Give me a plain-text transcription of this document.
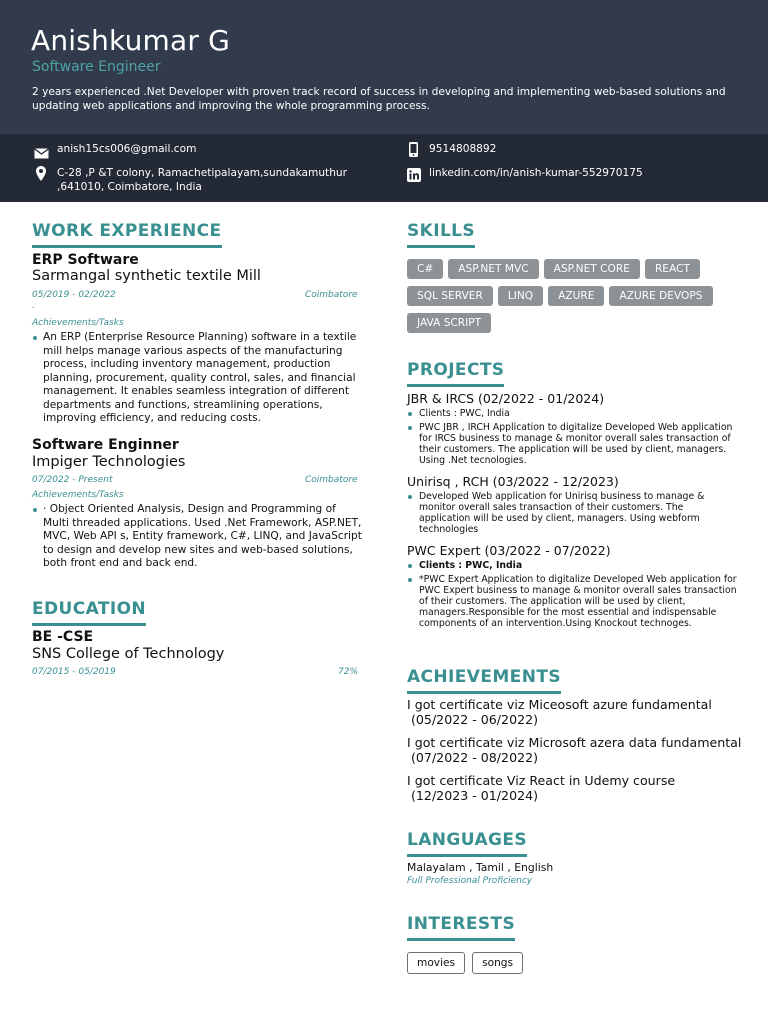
Anishkumar G
Software Engineer
2 years experienced .Net Developer with proven track record of success in developing and implementing web-based solutions and updating web applications and improving the whole programming process.
anish15cs006@gmail.com	9514808892
C-28 ,P &T colony, Ramachetipalayam,sundakamuthur ,641010, Coimbatore, India
linkedin.com/in/anish-kumar-552970175
WORK EXPERIENCE
ERP Software
Sarmangal synthetic textile Mill
05/2019 - 02/2022	Coimbatore
.
Achievements/Tasks
An ERP (Enterprise Resource Planning) software in a textile mill helps manage various aspects of the manufacturing process, including inventory management, production planning, procurement, quality control, sales, and financial management. It enables seamless integration of different departments and functions, streamlining operations, improving efficiency, and reducing costs.
Software Enginner
Impiger Technologies
07/2022 - Present	Coimbatore
Achievements/Tasks
· Object Oriented Analysis, Design and Programming of Multi threaded applications. Used .Net Framework, ASP.NET, MVC, Web API s, Entity framework, C#, LINQ, and JavaScript to design and develop new sites and web-based solutions, both front end and back end.
EDUCATION
BE -CSE
SNS College of Technology
07/2015 - 05/2019	72%
SKILLS
C# ASP.NET MVC ASP.NET CORE REACTSQL SERVER LINQ AZURE AZURE DEVOPSJAVA SCRIPT
PROJECTS
JBR & IRCS (02/2022 - 01/2024)
Clients : PWC, India
PWC JBR , IRCH Application to digitalize Developed Web application for IRCS business to manage & monitor overall sales transaction of their customers. The application will be used by client, managers. Using .Net tecnologies.
Unirisq , RCH (03/2022 - 12/2023)
Developed Web application for Unirisq business to manage & monitor overall sales transaction of their customers. The application will be used by client, managers. Using webform technologies
PWC Expert (03/2022 - 07/2022)
Clients : PWC, India
*PWC Expert Application to digitalize Developed Web application for PWC Expert business to manage & monitor overall sales transaction of their customers. The application will be used by client, managers.Responsible for the most essential and indispensable components of an intervention.Using Knockout technoges.
ACHIEVEMENTS
I got certificate viz Miceosoft azure fundamental
(05/2022 - 06/2022)
I got certificate viz Microsoft azera data fundamental
(07/2022 - 08/2022)
I got certificate Viz React in Udemy course
(12/2023 - 01/2024)
LANGUAGES
Malayalam , Tamil , English
Full Professional Proficiency
INTERESTS
movies	songs
